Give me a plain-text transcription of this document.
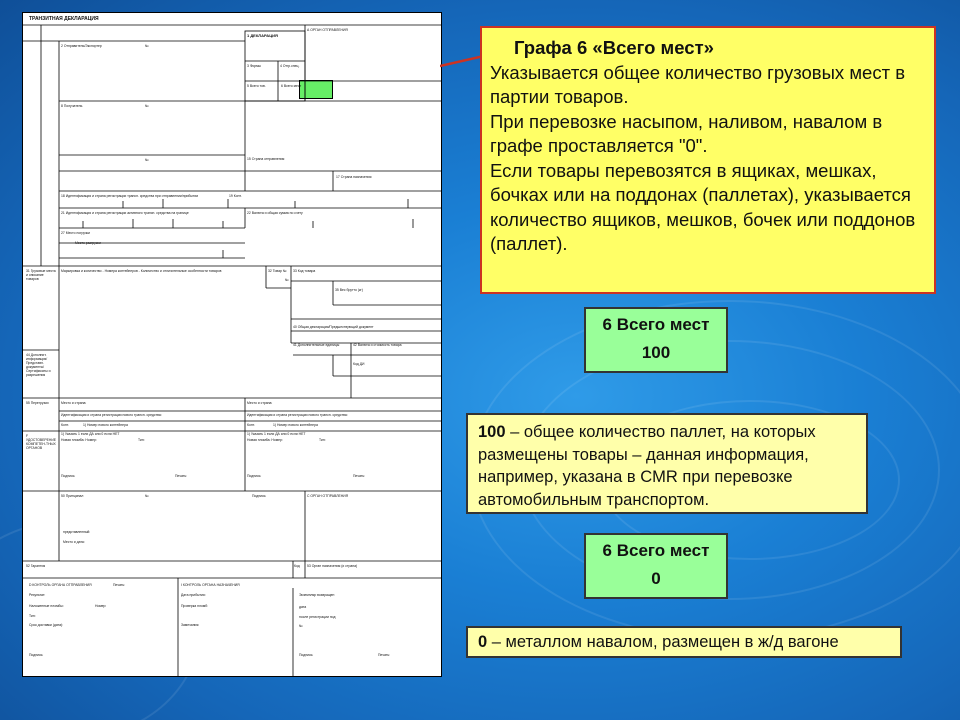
ТРАНЗИТНАЯ ДЕКЛАРАЦИЯ
А ОРГАН ОТПРАВЛЕНИЯ
1 ДЕКЛАРАЦИЯ
2 Отправитель/Экспортер	№
3 Формы	4 Отгр.спец.
5 Всего тов.	6 Всего мест
8 Получатель	№
№	15 Страна отправления
17 Страна назначения
18 Идентификация и страна регистрации трансп. средства при отправлении/прибытии	19 Конт.
21 Идентификация и страна регистрации активного трансп. средства на границе	22 Валюта и общая сумма по счету
27 Место погрузки
Место разгрузки
31 Грузовые места и описание товаров
Маркировка и количество - Номера контейнеров - Количество и отличительные особенности товаров	32 Товар № 33 Код товара
№
35 Вес брутто (кг)
40 Общая декларация/Предшествующий документ
41 Дополнительные единицы	42 Валюта и стоимость товара
44 Дополнит. информация/ Представл. документы/ Сертификаты и разрешения
Код ДИ
55 Перегрузки	Место и страна:	Место и страна:
Идентификация и страна регистрации нового трансп. средства:	Идентификация и страна регистрации нового трансп. средства:
Конт.	1) Номер нового контейнера	Конт.	1) Номер нового контейнера
1) Указать 1 если ДА или 0 если НЕТ	1) Указать 1 если ДА или 0 если НЕТ
F УДОСТОВЕРЕНИЕ КОМПЕТЕН-ТНЫХ ОРГАНОВ
Новая пломба: Номер:	Тип:	Новая пломба: Номер:	Тип:
Подпись:	Печать:	Подпись:	Печать:
50 Принципал	№	Подпись:	С ОРГАН ОТПРАВЛЕНИЯ
представленный:
Место и дата:
52 Гарантия	Код 53 Орган назначения (и страна)
D КОНТРОЛЬ ОРГАНА ОТПРАВЛЕНИЯ	Печать:	I КОНТРОЛЬ ОРГАНА НАЗНАЧЕНИЯ
Результат:
Наложенные пломбы:	Номер:
Тип:
Срок доставки (дата):
Дата прибытия:
Проверка пломб:
Замечания:
Экземпляр возвращен
дата
после регистрации под
№
Подпись:	Подпись:	Печать:
Графа 6 «Всего мест»

Указывается общее количество грузовых мест в партии товаров.

При перевозке насыпом, наливом, навалом в графе проставляется "0".

Если товары перевозятся в ящиках, мешках, бочках или на поддонах (паллетах), указывается количество ящиков, мешков, бочек или поддонов (паллет).

6 Всего мест
100
100 – общее количество паллет, на которых размещены товары – данная информация, например, указана в CMR при перевозке автомобильным транспортом.
6 Всего мест
0
0 – металлом навалом, размещен в ж/д вагоне
